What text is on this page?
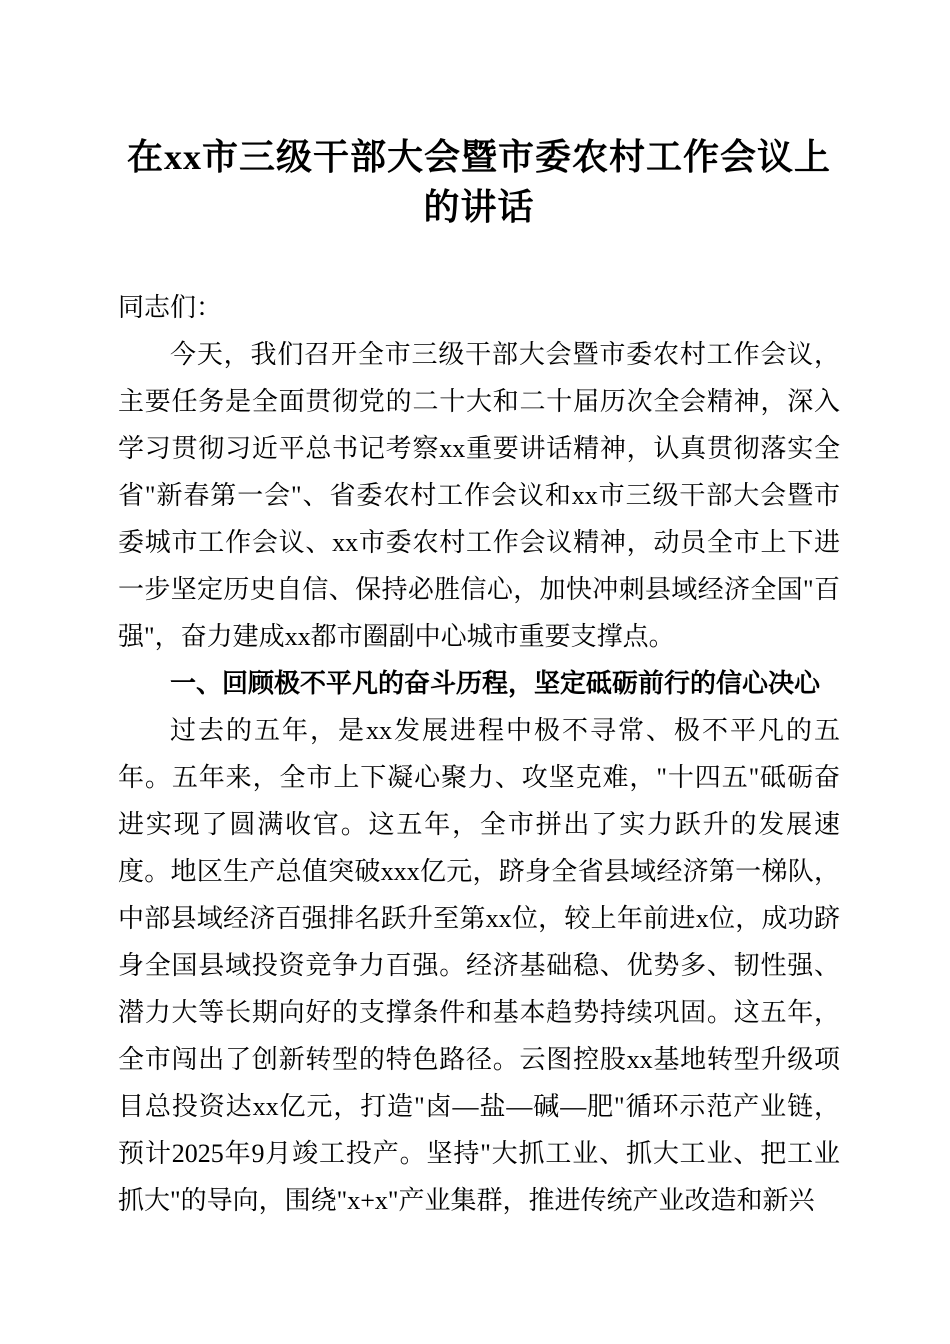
在xx市三级干部大会暨市委农村工作会议上的讲话

同志们：

今天，我们召开全市三级干部大会暨市委农村工作会议，主要任务是全面贯彻党的二十大和二十届历次全会精神，深入学习贯彻习近平总书记考察xx重要讲话精神，认真贯彻落实全省"新春第一会"、省委农村工作会议和xx市三级干部大会暨市委城市工作会议、xx市委农村工作会议精神，动员全市上下进一步坚定历史自信、保持必胜信心，加快冲刺县域经济全国"百强"，奋力建成xx都市圈副中心城市重要支撑点。

一、回顾极不平凡的奋斗历程，坚定砥砺前行的信心决心

过去的五年，是xx发展进程中极不寻常、极不平凡的五年。五年来，全市上下凝心聚力、攻坚克难，"十四五"砥砺奋进实现了圆满收官。这五年，全市拼出了实力跃升的发展速度。地区生产总值突破xxx亿元，跻身全省县域经济第一梯队，中部县域经济百强排名跃升至第xx位，较上年前进x位，成功跻身全国县域投资竞争力百强。经济基础稳、优势多、韧性强、潜力大等长期向好的支撑条件和基本趋势持续巩固。这五年，全市闯出了创新转型的特色路径。云图控股xx基地转型升级项目总投资达xx亿元，打造"卤—盐—碱—肥"循环示范产业链，预计2025年9月竣工投产。坚持"大抓工业、抓大工业、把工业抓大"的导向，围绕"x+x"产业集群，推进传统产业改造和新兴
